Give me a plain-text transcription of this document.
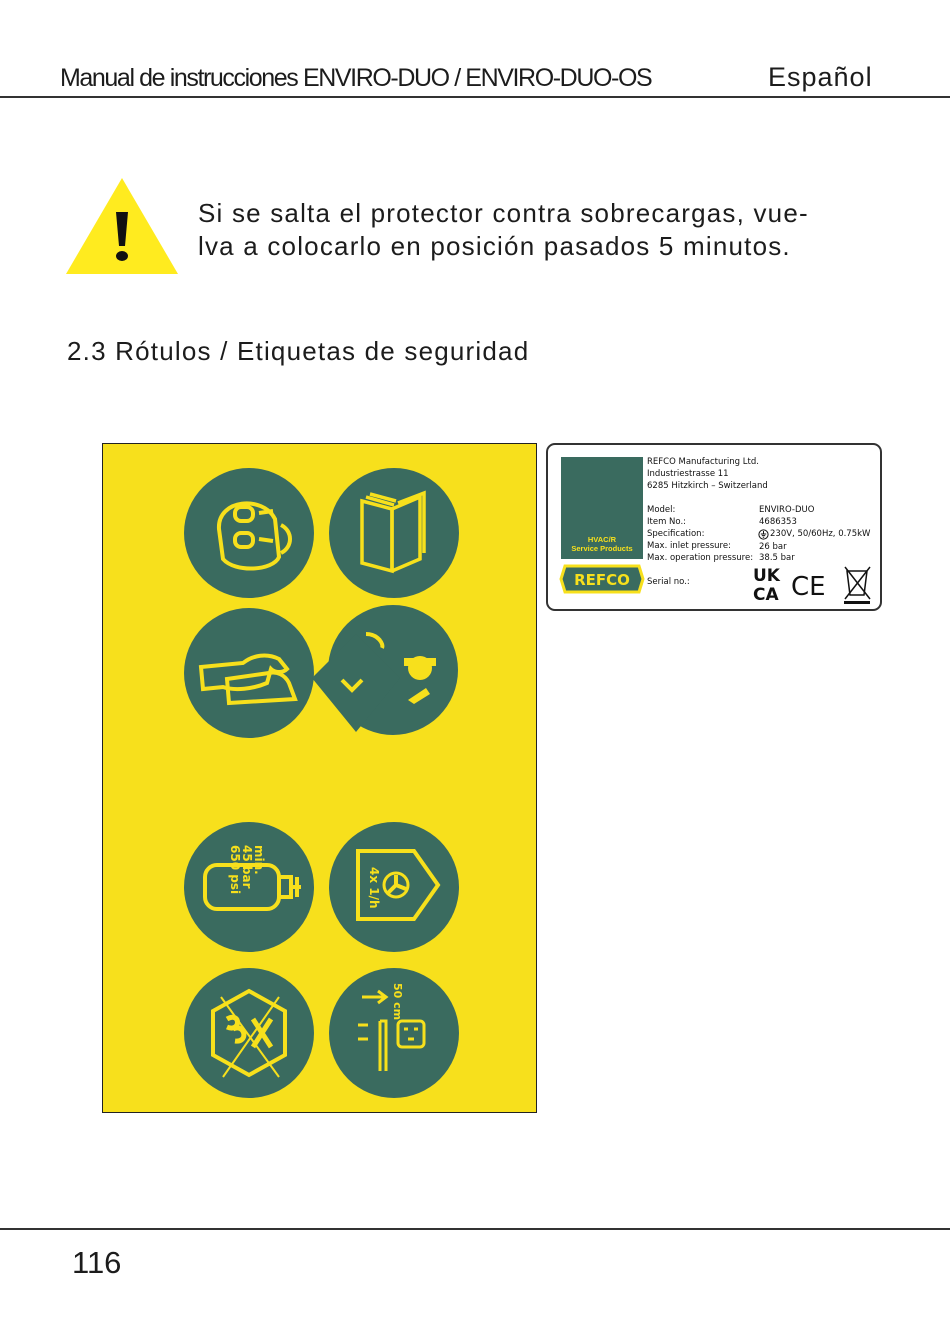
Manual de instrucciones ENVIRO-DUO / ENVIRO-DUO-OS	Español
Si se salta el protector contra sobrecargas, vue-
lva a colocarlo en posición pasados 5 minutos.
2.3 Rótulos / Etiquetas de seguridad
min.
45 bar
650 psi	4x 1/h
50 cm
HVAC/R
Service Products
REFCO
REFCO Manufacturing Ltd.
Industriestrasse 11
6285 Hitzkirch – Switzerland
Model:	ENVIRO-DUO
Item No.:	4686353
Specification:	230V, 50/60Hz, 0.75kW
Max. inlet pressure:	26 bar
Max. operation pressure: 38.5 bar
Serial no.:	UK
CA CE
116
